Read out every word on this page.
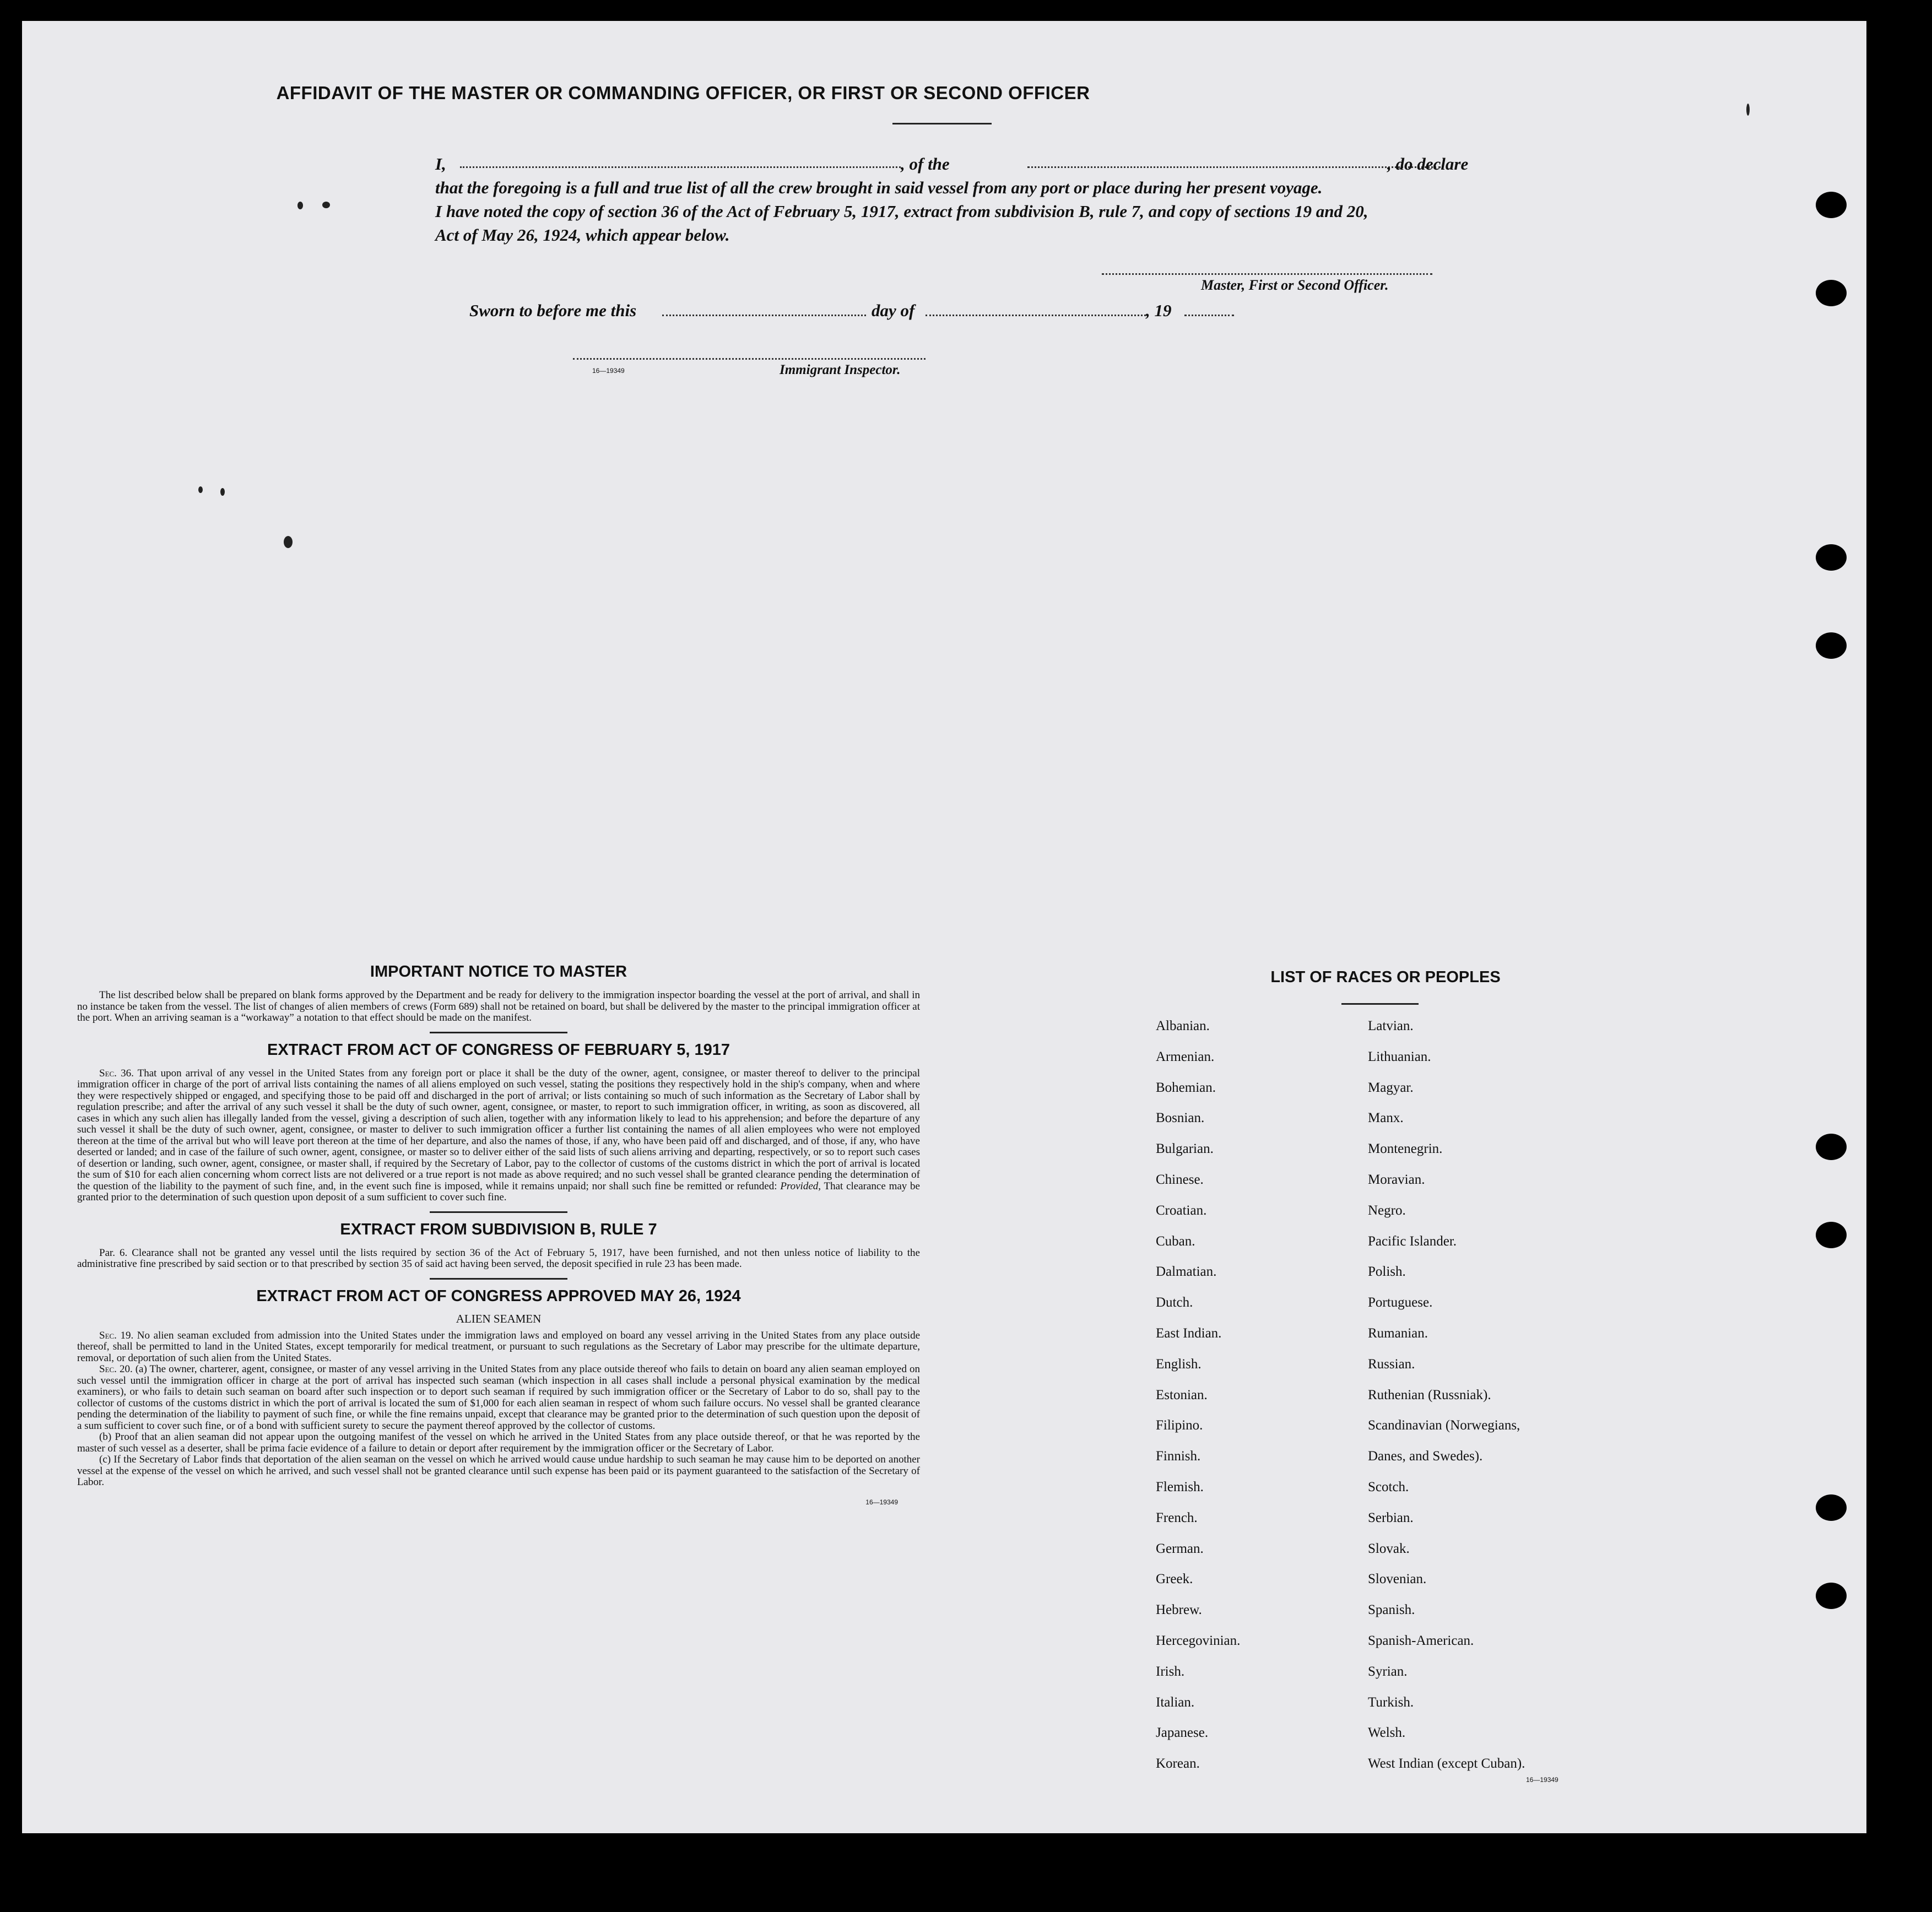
AFFIDAVIT OF THE MASTER OR COMMANDING OFFICER, OR FIRST OR SECOND OFFICER
I,	, of the	, do declare
that the foregoing is a full and true list of all the crew brought in said vessel from any port or place during her present voyage.
I have noted the copy of section 36 of the Act of February 5, 1917, extract from subdivision B, rule 7, and copy of sections 19 and 20,
Act of May 26, 1924, which appear below.
Master, First or Second Officer.
Sworn to before me this	day of	, 19
16—19349	Immigrant Inspector.
IMPORTANT NOTICE TO MASTER

The list described below shall be prepared on blank forms approved by the Department and be ready for delivery to the immigration inspector boarding the vessel at the port of arrival, and shall in no instance be taken from the vessel. The list of changes of alien members of crews (Form 689) shall not be retained on board, but shall be delivered by the master to the principal immigration officer at the port. When an arriving seaman is a “workaway” a notation to that effect should be made on the manifest.

EXTRACT FROM ACT OF CONGRESS OF FEBRUARY 5, 1917

Sec. 36. That upon arrival of any vessel in the United States from any foreign port or place it shall be the duty of the owner, agent, consignee, or master thereof to deliver to the principal immigration officer in charge of the port of arrival lists containing the names of all aliens employed on such vessel, stating the positions they respectively hold in the ship's company, when and where they were respectively shipped or engaged, and specifying those to be paid off and discharged in the port of arrival; or lists containing so much of such information as the Secretary of Labor shall by regulation prescribe; and after the arrival of any such vessel it shall be the duty of such owner, agent, consignee, or master, to report to such immigration officer, in writing, as soon as discovered, all cases in which any such alien has illegally landed from the vessel, giving a description of such alien, together with any information likely to lead to his apprehension; and before the departure of any such vessel it shall be the duty of such owner, agent, consignee, or master to deliver to such immigration officer a further list containing the names of all alien employees who were not employed thereon at the time of the arrival but who will leave port thereon at the time of her departure, and also the names of those, if any, who have been paid off and discharged, and of those, if any, who have deserted or landed; and in case of the failure of such owner, agent, consignee, or master so to deliver either of the said lists of such aliens arriving and departing, respectively, or so to report such cases of desertion or landing, such owner, agent, consignee, or master shall, if required by the Secretary of Labor, pay to the collector of customs of the customs district in which the port of arrival is located the sum of $10 for each alien concerning whom correct lists are not delivered or a true report is not made as above required; and no such vessel shall be granted clearance pending the determination of the question of the liability to the payment of such fine, and, in the event such fine is imposed, while it remains unpaid; nor shall such fine be remitted or refunded: Provided, That clearance may be granted prior to the determination of such question upon deposit of a sum sufficient to cover such fine.

EXTRACT FROM SUBDIVISION B, RULE 7

Par. 6. Clearance shall not be granted any vessel until the lists required by section 36 of the Act of February 5, 1917, have been furnished, and not then unless notice of liability to the administrative fine prescribed by said section or to that prescribed by section 35 of said act having been served, the deposit specified in rule 23 has been made.

EXTRACT FROM ACT OF CONGRESS APPROVED MAY 26, 1924
ALIEN SEAMEN

Sec. 19. No alien seaman excluded from admission into the United States under the immigration laws and employed on board any vessel arriving in the United States from any place outside thereof, shall be permitted to land in the United States, except temporarily for medical treatment, or pursuant to such regulations as the Secretary of Labor may prescribe for the ultimate departure, removal, or deportation of such alien from the United States.

Sec. 20. (a) The owner, charterer, agent, consignee, or master of any vessel arriving in the United States from any place outside thereof who fails to detain on board any alien seaman employed on such vessel until the immigration officer in charge at the port of arrival has inspected such seaman (which inspection in all cases shall include a personal physical examination by the medical examiners), or who fails to detain such seaman on board after such inspection or to deport such seaman if required by such immigration officer or the Secretary of Labor to do so, shall pay to the collector of customs of the customs district in which the port of arrival is located the sum of $1,000 for each alien seaman in respect of whom such failure occurs. No vessel shall be granted clearance pending the determination of the liability to payment of such fine, or while the fine remains unpaid, except that clearance may be granted prior to the determination of such question upon the deposit of a sum sufficient to cover such fine, or of a bond with sufficient surety to secure the payment thereof approved by the collector of customs.

(b) Proof that an alien seaman did not appear upon the outgoing manifest of the vessel on which he arrived in the United States from any place outside thereof, or that he was reported by the master of such vessel as a deserter, shall be prima facie evidence of a failure to detain or deport after requirement by the immigration officer or the Secretary of Labor.

(c) If the Secretary of Labor finds that deportation of the alien seaman on the vessel on which he arrived would cause undue hardship to such seaman he may cause him to be deported on another vessel at the expense of the vessel on which he arrived, and such vessel shall not be granted clearance until such expense has been paid or its payment guaranteed to the satisfaction of the Secretary of Labor.

16—19349
LIST OF RACES OR PEOPLES
Albanian.
Armenian.
Bohemian.
Bosnian.
Bulgarian.
Chinese.
Croatian.
Cuban.
Dalmatian.
Dutch.
East Indian.
English.
Estonian.
Filipino.
Finnish.
Flemish.
French.
German.
Greek.
Hebrew.
Hercegovinian.
Irish.
Italian.
Japanese.
Korean.
Latvian.
Lithuanian.
Magyar.
Manx.
Montenegrin.
Moravian.
Negro.
Pacific Islander.
Polish.
Portuguese.
Rumanian.
Russian.
Ruthenian (Russniak).
Scandinavian (Norwegians,
Danes, and Swedes).
Scotch.
Serbian.
Slovak.
Slovenian.
Spanish.
Spanish-American.
Syrian.
Turkish.
Welsh.
West Indian (except Cuban).
16—19349
